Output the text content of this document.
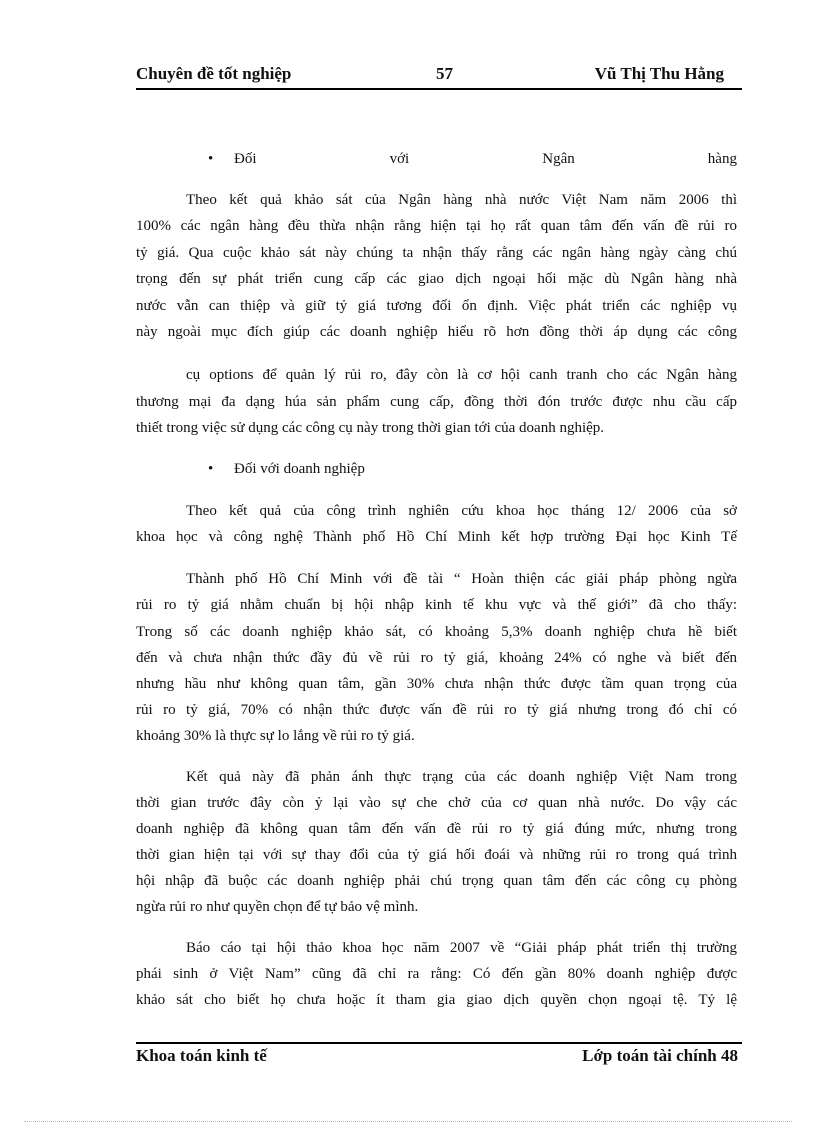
Chuyên đề tốt nghiệp	57	Vũ Thị Thu Hằng
•
Đối	với	Ngân	hàng
Theo kết quả khảo sát của Ngân hàng nhà nước Việt Nam năm 2006 thì
100% các ngân hàng đều thừa nhận rằng hiện tại họ rất quan tâm đến vấn đề rủi ro
tỷ giá. Qua cuộc khảo sát này chúng ta nhận thấy rằng các ngân hàng ngày càng chú
trọng đến sự phát triển cung cấp các giao dịch ngoại hối mặc dù Ngân hàng nhà
nước vẫn can thiệp và giữ tỷ giá tương đối ổn định. Việc phát triển các nghiệp vụ
này ngoài mục đích giúp các doanh nghiệp hiểu rõ hơn đồng thời áp dụng các công
cụ options để quản lý rủi ro, đây còn là cơ hội canh tranh cho các Ngân hàng
thương mại đa dạng húa sản phẩm cung cấp, đồng thời đón trước được nhu cầu cấp
thiết trong việc sử dụng các công cụ này trong thời gian tới của doanh nghiệp.
•
Đối với doanh nghiệp
Theo kết quả của công trình nghiên cứu khoa học tháng 12/ 2006 của sở
khoa học và công nghệ Thành phố Hồ Chí Minh kết hợp trường Đại học Kinh Tế
Thành phố Hồ Chí Minh với đề tài “ Hoàn thiện các giải pháp phòng ngừa
rủi ro tỷ giá nhằm chuẩn bị hội nhập kinh tế khu vực và thế giới” đã cho thấy:
Trong số các doanh nghiệp khảo sát, có khoảng 5,3% doanh nghiệp chưa hề biết
đến và chưa nhận thức đầy đủ về rủi ro tỷ giá, khoảng 24% có nghe và biết đến
nhưng hầu như không quan tâm, gần 30% chưa nhận thức được tầm quan trọng của
rủi ro tỷ giá, 70% có nhận thức được vấn đề rủi ro tỷ giá nhưng trong đó chỉ có
khoảng 30% là thực sự lo lắng về rủi ro tỷ giá.
Kết quả này đã phản ánh thực trạng của các doanh nghiệp Việt Nam trong
thời gian trước đây còn ỷ lại vào sự che chở của cơ quan nhà nước. Do vậy các
doanh nghiệp đã không quan tâm đến vấn đề rủi ro tỷ giá đúng mức, nhưng trong
thời gian hiện tại với sự thay đổi của tỷ giá hối đoái và những rủi ro trong quá trình
hội nhập đã buộc các doanh nghiệp phải chú trọng quan tâm đến các công cụ phòng
ngừa rủi ro như quyền chọn để tự bảo vệ mình.
Báo cáo tại hội thảo khoa học năm 2007 về “Giải pháp phát triển thị trường
phái sinh ở Việt Nam” cũng đã chỉ ra rằng: Có đến gần 80% doanh nghiệp được
khảo sát cho biết họ chưa hoặc ít tham gia giao dịch quyền chọn ngoại tệ. Tỷ lệ
Khoa toán kinh tế	Lớp toán tài chính 48
